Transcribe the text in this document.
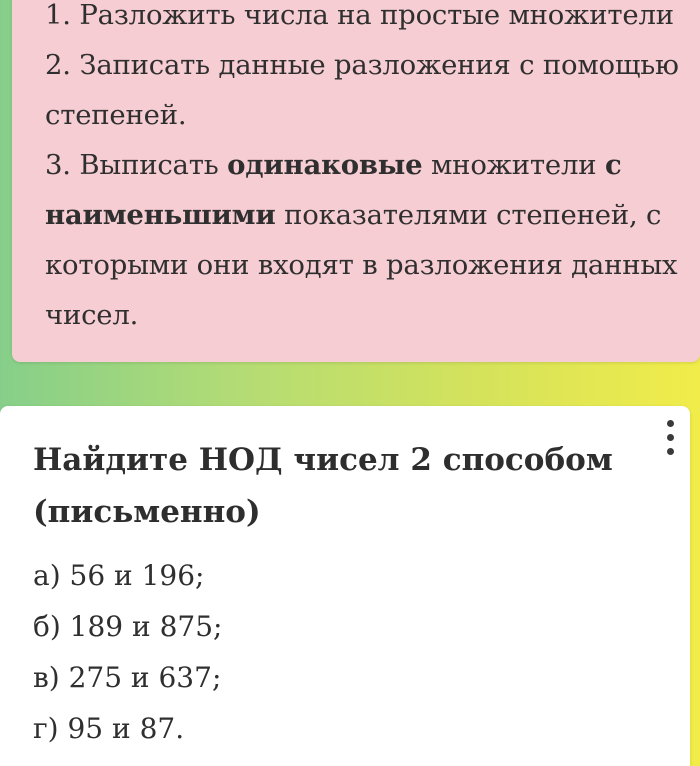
1. Разложить числа на простые множители

2. Записать данные разложения с помощью
степеней.

3. Выписать одинаковые множители с
наименьшими показателями степеней, с
которыми они входят в разложения данных
чисел.

Найдите НОД чисел 2 способом
(письменно)
а) 56 и 196;
б) 189 и 875;
в) 275 и 637;
г) 95 и 87.
